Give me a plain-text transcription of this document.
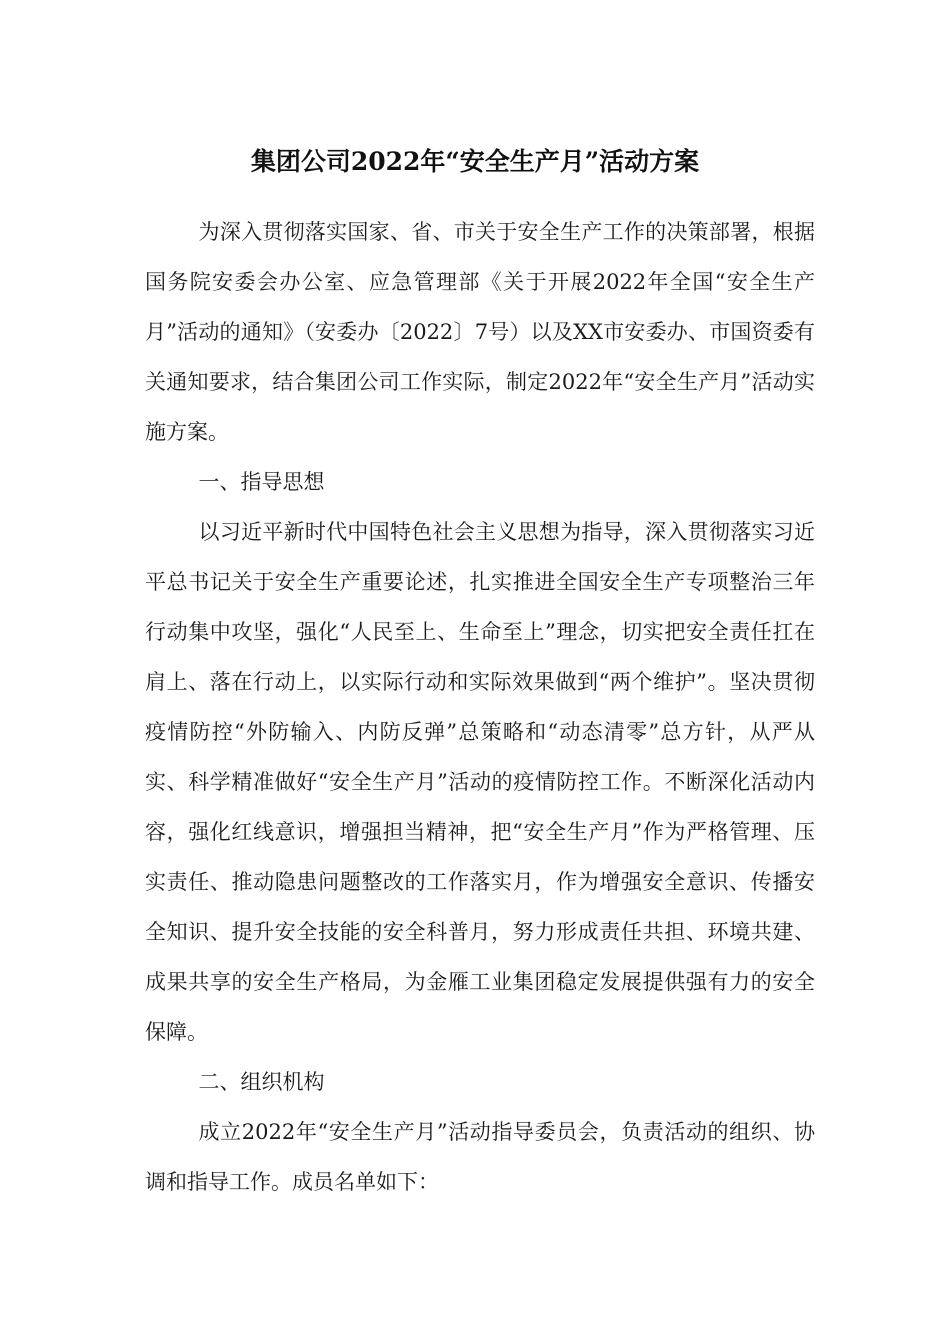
集团公司2022年“安全生产月”活动方案

为深入贯彻落实国家、省、市关于安全生产工作的决策部署，根据国务院安委会办公室、应急管理部《关于开展2022年全国“安全生产月”活动的通知》（安委办〔2022〕7号）以及XX市安委办、市国资委有关通知要求，结合集团公司工作实际，制定2022年“安全生产月”活动实施方案。

一、指导思想

以习近平新时代中国特色社会主义思想为指导，深入贯彻落实习近平总书记关于安全生产重要论述，扎实推进全国安全生产专项整治三年行动集中攻坚，强化“人民至上、生命至上”理念，切实把安全责任扛在肩上、落在行动上，以实际行动和实际效果做到“两个维护”。坚决贯彻疫情防控“外防输入、内防反弹”总策略和“动态清零”总方针，从严从实、科学精准做好“安全生产月”活动的疫情防控工作。不断深化活动内容，强化红线意识，增强担当精神，把“安全生产月”作为严格管理、压实责任、推动隐患问题整改的工作落实月，作为增强安全意识、传播安全知识、提升安全技能的安全科普月，努力形成责任共担、环境共建、成果共享的安全生产格局，为金雁工业集团稳定发展提供强有力的安全保障。

二、组织机构

成立2022年“安全生产月”活动指导委员会，负责活动的组织、协调和指导工作。成员名单如下：
